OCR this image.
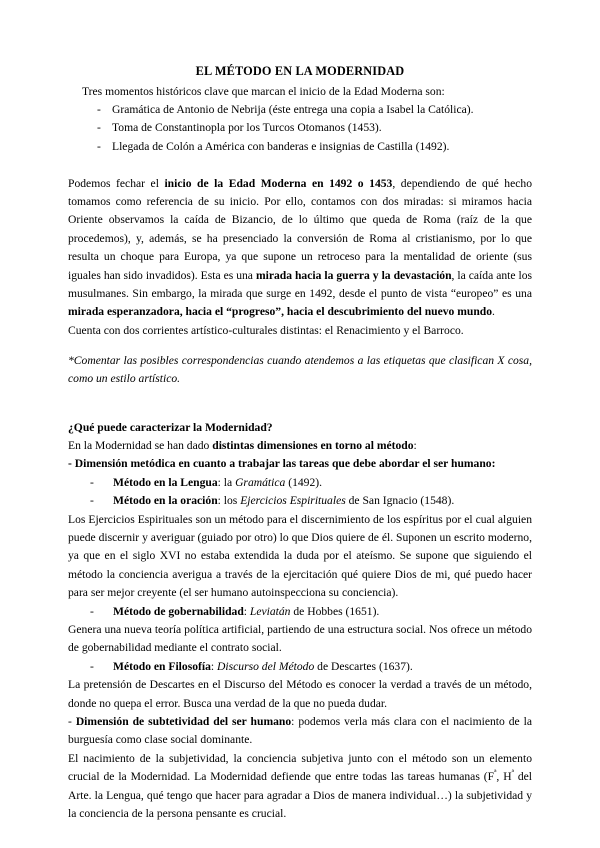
EL MÉTODO EN LA MODERNIDAD

Tres momentos históricos clave que marcan el inicio de la Edad Moderna son:

- Gramática de Antonio de Nebrija (éste entrega una copia a Isabel la Católica).
- Toma de Constantinopla por los Turcos Otomanos (1453).
- Llegada de Colón a América con banderas e insignias de Castilla (1492).

Podemos fechar el inicio de la Edad Moderna en 1492 o 1453, dependiendo de qué hecho tomamos como referencia de su inicio. Por ello, contamos con dos miradas: si miramos hacia Oriente observamos la caída de Bizancio, de lo último que queda de Roma (raíz de la que procedemos), y, además, se ha presenciado la conversión de Roma al cristianismo, por lo que resulta un choque para Europa, ya que supone un retroceso para la mentalidad de oriente (sus iguales han sido invadidos). Esta es una mirada hacia la guerra y la devastación, la caída ante los musulmanes. Sin embargo, la mirada que surge en 1492, desde el punto de vista “europeo” es una mirada esperanzadora, hacia el “progreso”, hacia el descubrimiento del nuevo mundo.

Cuenta con dos corrientes artístico-culturales distintas: el Renacimiento y el Barroco.

*Comentar las posibles correspondencias cuando atendemos a las etiquetas que clasifican X cosa, como un estilo artístico.

¿Qué puede caracterizar la Modernidad?

En la Modernidad se han dado distintas dimensiones en torno al método:

- Dimensión metódica en cuanto a trabajar las tareas que debe abordar el ser humano:

- Método en la Lengua: la Gramática (1492).
- Método en la oración: los Ejercicios Espirituales de San Ignacio (1548).

Los Ejercicios Espirituales son un método para el discernimiento de los espíritus por el cual alguien puede discernir y averiguar (guiado por otro) lo que Dios quiere de él. Suponen un escrito moderno, ya que en el siglo XVI no estaba extendida la duda por el ateísmo. Se supone que siguiendo el método la conciencia averigua a través de la ejercitación qué quiere Dios de mi, qué puedo hacer para ser mejor creyente (el ser humano autoinspecciona su conciencia).

- Método de gobernabilidad: Leviatán de Hobbes (1651).

Genera una nueva teoría política artificial, partiendo de una estructura social. Nos ofrece un método de gobernabilidad mediante el contrato social.

- Método en Filosofía: Discurso del Método de Descartes (1637).

La pretensión de Descartes en el Discurso del Método es conocer la verdad a través de un método, donde no quepa el error. Busca una verdad de la que no pueda dudar.

- Dimensión de subtetividad del ser humano: podemos verla más clara con el nacimiento de la burguesía como clase social dominante.

El nacimiento de la subjetividad, la conciencia subjetiva junto con el método son un elemento crucial de la Modernidad. La Modernidad defiende que entre todas las tareas humanas ($F^ª$, $H^ª$ del Arte. la Lengua, qué tengo que hacer para agradar a Dios de manera individual…) la subjetividad y la conciencia de la persona pensante es crucial.
